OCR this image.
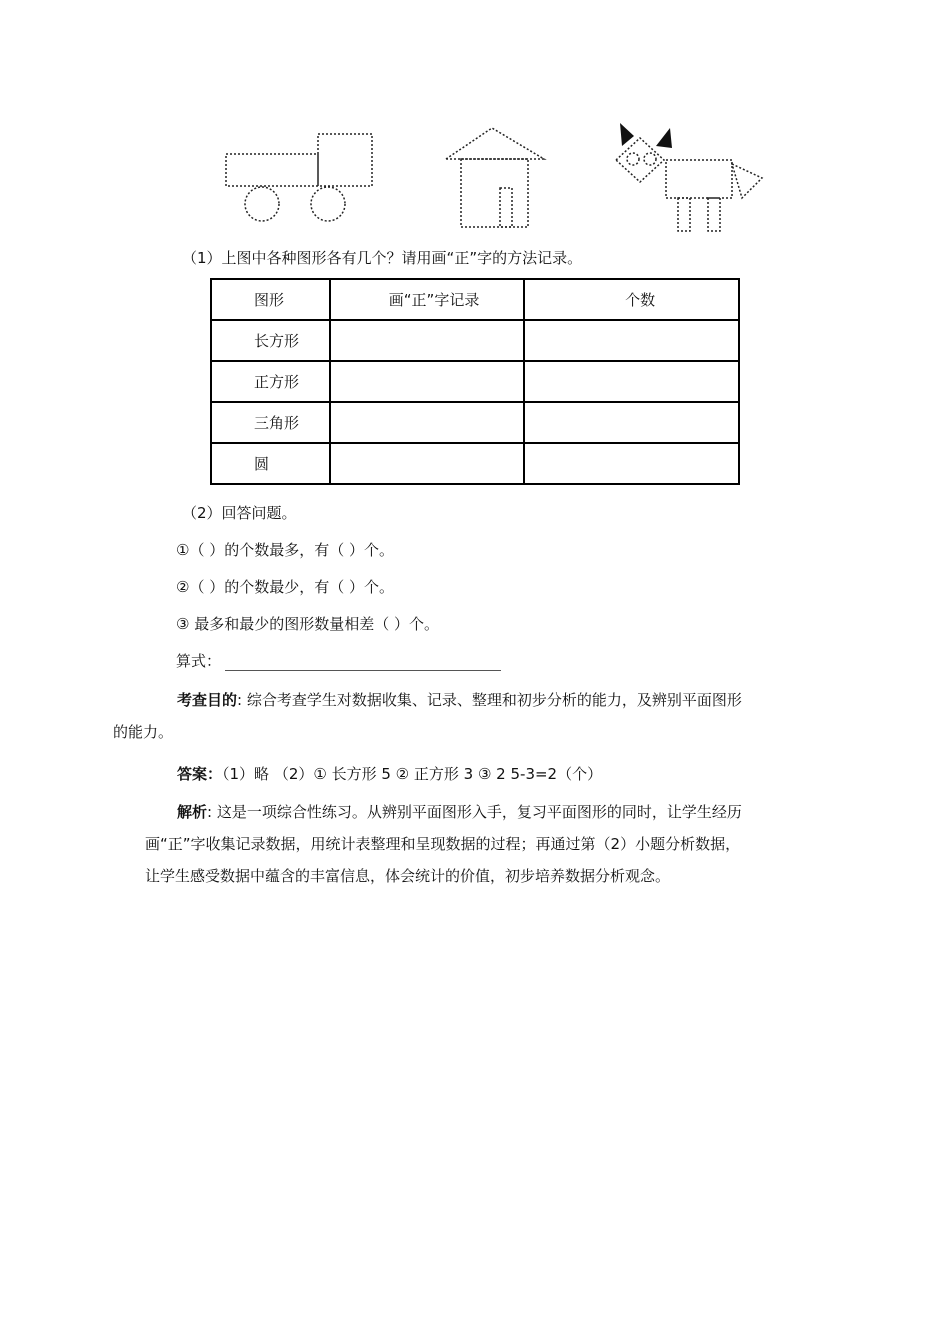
（1）上图中各种图形各有几个？请用画“正”字的方法记录。
图形	画“正”字记录	个数
长方形		
正方形		
三角形		
圆		
（2）回答问题。
①（ ）的个数最多，有（ ）个。
②（ ）的个数最少，有（ ）个。
③ 最多和最少的图形数量相差（ ）个。
算式：
考查目的: 综合考查学生对数据收集、记录、整理和初步分析的能力，及辨别平面图形
的能力。
答案：（1）略 （2）① 长方形 5 ② 正方形 3 ③ 2 5-3=2（个）
解析: 这是一项综合性练习。从辨别平面图形入手，复习平面图形的同时，让学生经历
画“正”字收集记录数据，用统计表整理和呈现数据的过程；再通过第（2）小题分析数据，
让学生感受数据中蕴含的丰富信息，体会统计的价值，初步培养数据分析观念。
